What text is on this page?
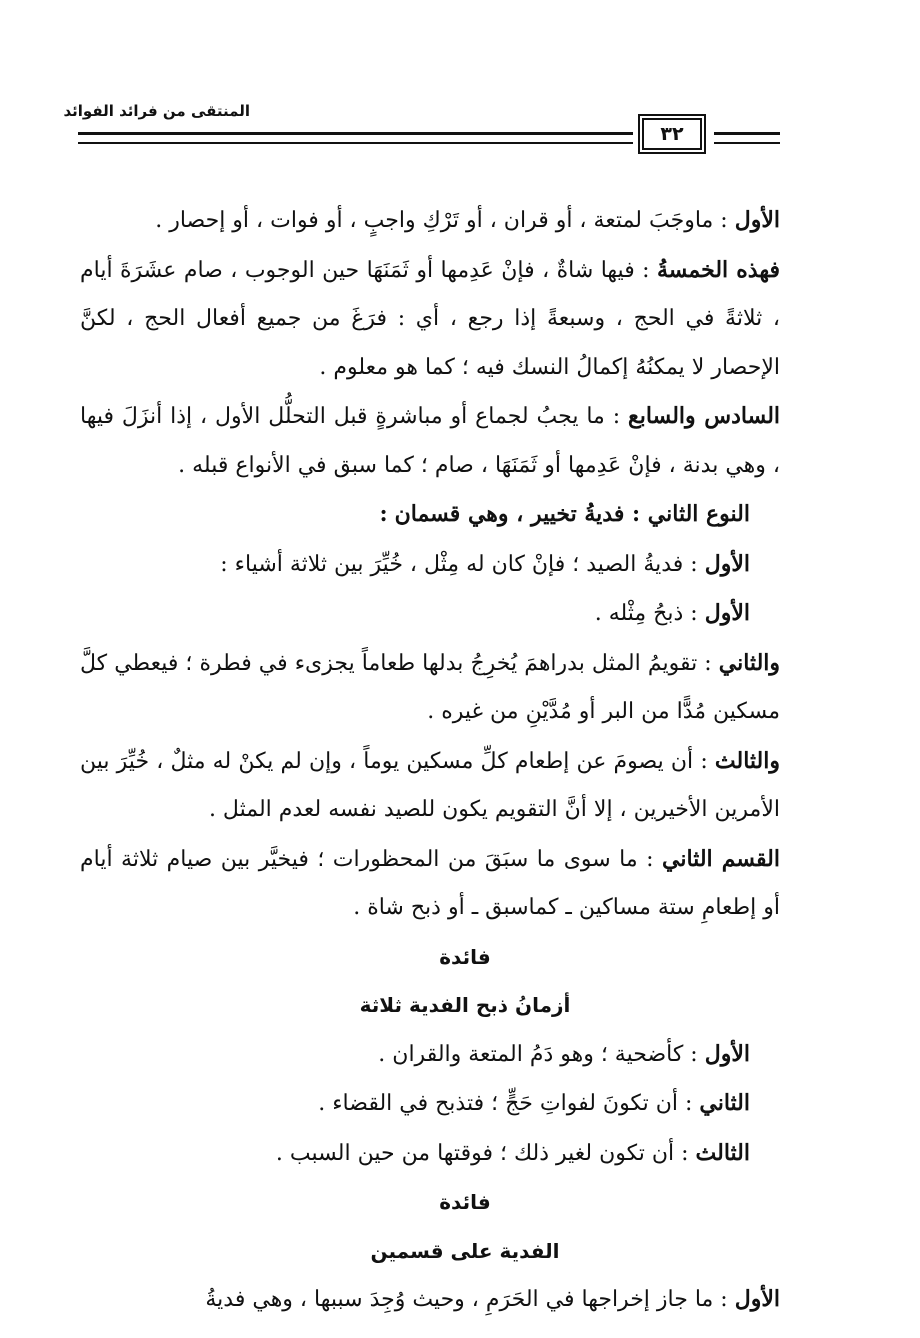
المنتقى من فرائد الفوائد
٣٢

الأول : ماوجَبَ لمتعة ، أو قران ، أو تَرْكِ واجبٍ ، أو فوات ، أو إحصار .

فهذه الخمسةُ : فيها شاةٌ ، فإنْ عَدِمها أو ثَمَنَهَا حين الوجوب ، صام عشَرَةَ أيام ، ثلاثةً في الحج ، وسبعةً إذا رجع ، أي : فرَغَ من جميع أفعال الحج ، لكنَّ الإحصار لا يمكنُهُ إكمالُ النسك فيه ؛ كما هو معلوم .

السادس والسابع : ما يجبُ لجماع أو مباشرةٍ قبل التحلُّل الأول ، إذا أنزَلَ فيها ، وهي بدنة ، فإنْ عَدِمها أو ثَمَنَهَا ، صام ؛ كما سبق في الأنواع قبله .

النوع الثاني : فديةُ تخيير ، وهي قسمان :

الأول : فديةُ الصيد ؛ فإنْ كان له مِثْل ، خُيِّرَ بين ثلاثة أشياء :

الأول : ذبحُ مِثْله .

والثاني : تقويمُ المثل بدراهمَ يُخرِجُ بدلها طعاماً يجزىء في فطرة ؛ فيعطي كلَّ مسكين مُدًّا من البر أو مُدَّيْنِ من غيره .

والثالث : أن يصومَ عن إطعام كلِّ مسكين يوماً ، وإن لم يكنْ له مثلٌ ، خُيِّرَ بين الأمرين الأخيرين ، إلا أنَّ التقويم يكون للصيد نفسه لعدم المثل .

القسم الثاني : ما سوى ما سبَقَ من المحظورات ؛ فيخيَّر بين صيام ثلاثة أيام أو إطعامِ ستة مساكين ـ كماسبق ـ أو ذبح شاة .

فائدة

أزمانُ ذبح الفدية ثلاثة

الأول : كأضحية ؛ وهو دَمُ المتعة والقران .

الثاني : أن تكونَ لفواتِ حَجٍّ ؛ فتذبح في القضاء .

الثالث : أن تكون لغير ذلك ؛ فوقتها من حين السبب .

فائدة

الفدية على قسمين

الأول : ما جاز إخراجها في الحَرَمِ ، وحيث وُجِدَ سببها ، وهي فديةُ
